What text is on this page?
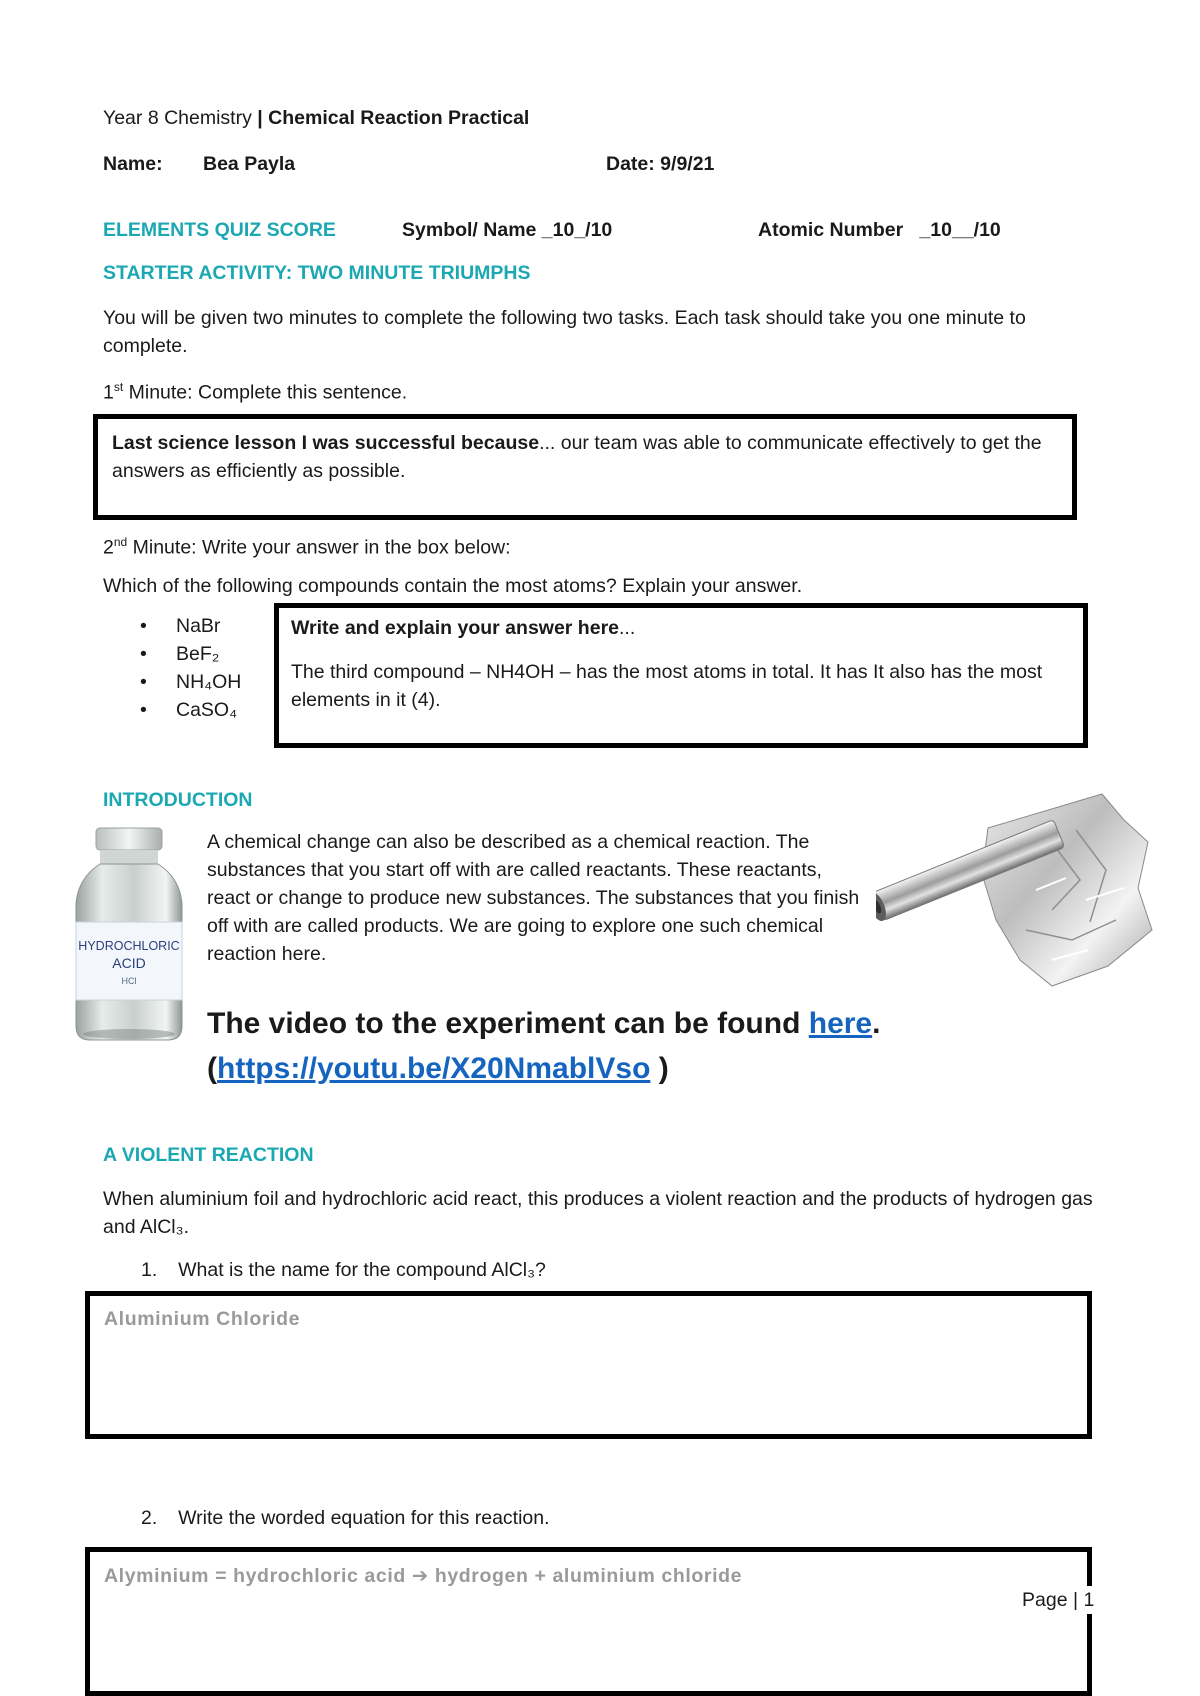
Year 8 Chemistry | Chemical Reaction Practical
Name: Bea Payla	Date: 9/9/21
ELEMENTS QUIZ SCORE	Symbol/ Name _10_/10	Atomic Number   _10__/10
STARTER ACTIVITY: TWO MINUTE TRIUMPHS
You will be given two minutes to complete the following two tasks. Each task should take you one minute to complete.
1st Minute: Complete this sentence.
Last science lesson I was successful because... our team was able to communicate effectively to get the answers as efficiently as possible.
2nd Minute: Write your answer in the box below:
Which of the following compounds contain the most atoms? Explain your answer.
• NaBr
• BeF₂
• NH₄OH
• CaSO₄
Write and explain your answer here...
The third compound – NH4OH – has the most atoms in total. It has It also has the most elements in it (4).
INTRODUCTION
HYDROCHLORIC
ACID
HCl
A chemical change can also be described as a chemical reaction. The substances that you start off with are called reactants. These reactants, react or change to produce new substances. The substances that you finish off with are called products. We are going to explore one such chemical reaction here.
The video to the experiment can be found here.
(https://youtu.be/X20NmablVso )
A VIOLENT REACTION
When aluminium foil and hydrochloric acid react, this produces a violent reaction and the products of hydrogen gas and AlCl₃.
1. What is the name for the compound AlCl₃?
Aluminium Chloride
2. Write the worded equation for this reaction.
Alyminium = hydrochloric acid ➔ hydrogen + aluminium chloride
Page | 1
